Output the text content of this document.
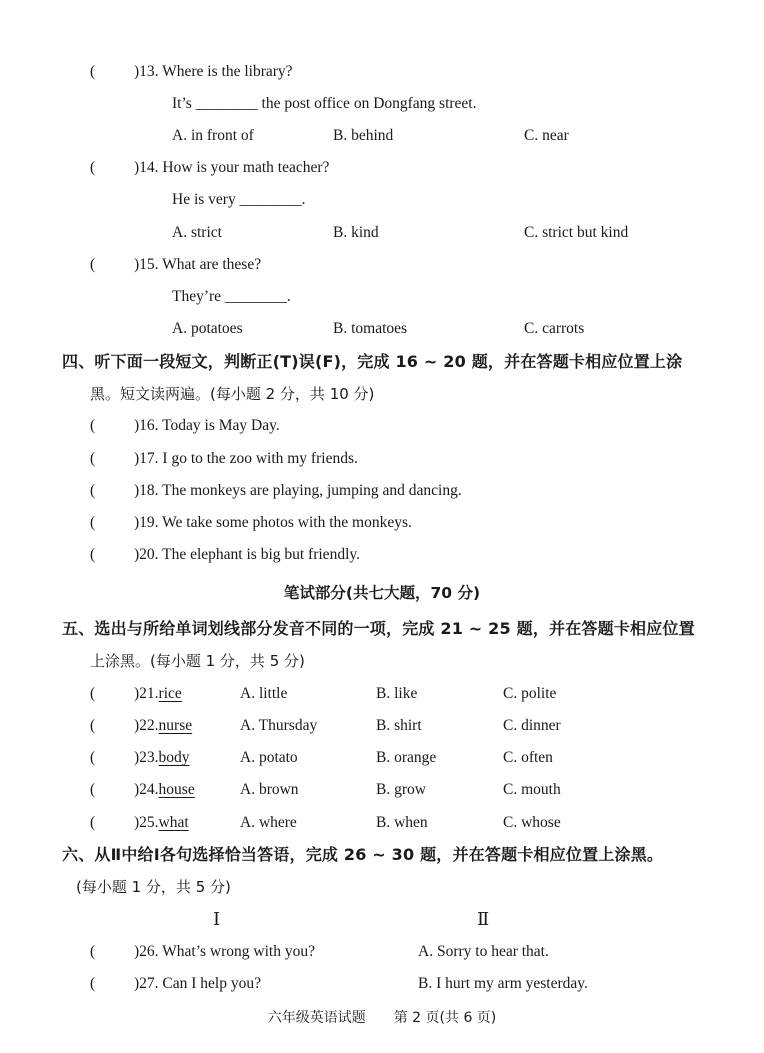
(	)13. Where is the library?
It’s ________ the post office on Dongfang street.
A. in front of	B. behind	C. near
(	)14. How is your math teacher?
He is very ________.
A. strict	B. kind	C. strict but kind
(	)15. What are these?
They’re ________.
A. potatoes	B. tomatoes	C. carrots
四、听下面一段短文，判断正(T)误(F)，完成 16 ~ 20 题，并在答题卡相应位置上涂
黑。短文读两遍。(每小题 2 分，共 10 分)
(	)16. Today is May Day.
(	)17. I go to the zoo with my friends.
(	)18. The monkeys are playing, jumping and dancing.
(	)19. We take some photos with the monkeys.
(	)20. The elephant is big but friendly.
笔试部分(共七大题，70 分)
五、选出与所给单词划线部分发音不同的一项，完成 21 ~ 25 题，并在答题卡相应位置
上涂黑。(每小题 1 分，共 5 分)
(	)21.rice	A. little	B. like	C. polite
(	)22.nurse	A. Thursday	B. shirt	C. dinner
(	)23.body	A. potato	B. orange	C. often
(	)24.house	A. brown	B. grow	C. mouth
(	)25.what	A. where	B. when	C. whose
六、从Ⅱ中给Ⅰ各句选择恰当答语，完成 26 ~ 30 题，并在答题卡相应位置上涂黑。
(每小题 1 分，共 5 分)
Ⅰ	Ⅱ
(	)26. What’s wrong with you?	A. Sorry to hear that.
(	)27. Can I help you?	B. I hurt my arm yesterday.
六年级英语试题　　第 2 页(共 6 页)
